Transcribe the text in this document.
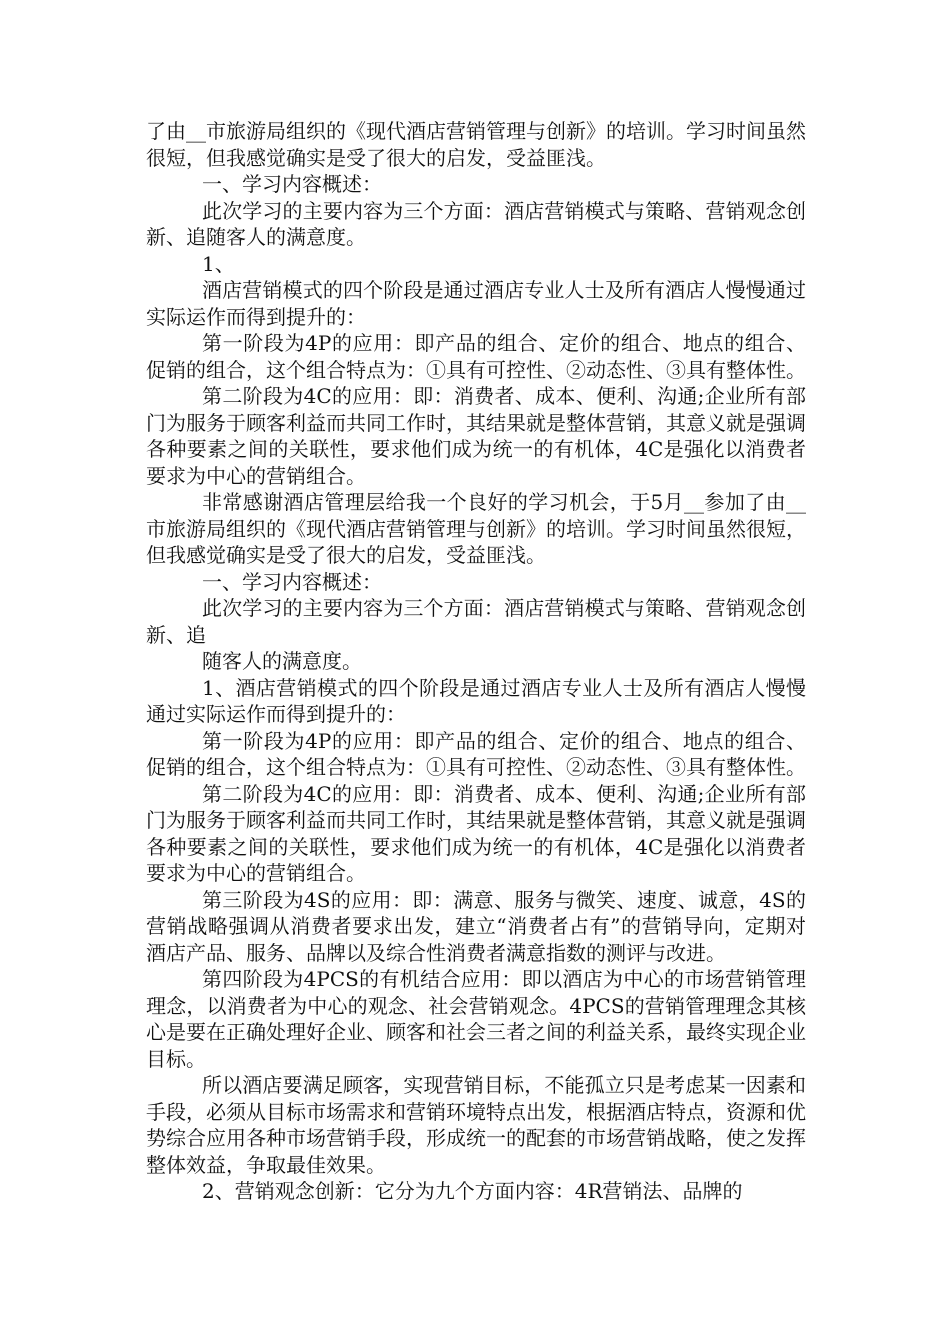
了由__市旅游局组织的《现代酒店营销管理与创新》的培训。学习时间虽然很短，但我感觉确实是受了很大的启发，受益匪浅。

一、学习内容概述：

此次学习的主要内容为三个方面：酒店营销模式与策略、营销观念创新、追随客人的满意度。

1、

酒店营销模式的四个阶段是通过酒店专业人士及所有酒店人慢慢通过实际运作而得到提升的：

第一阶段为4P的应用：即产品的组合、定价的组合、地点的组合、促销的组合，这个组合特点为：①具有可控性、②动态性、③具有整体性。

第二阶段为4C的应用：即：消费者、成本、便利、沟通;企业所有部门为服务于顾客利益而共同工作时，其结果就是整体营销，其意义就是强调各种要素之间的关联性，要求他们成为统一的有机体，4C是强化以消费者要求为中心的营销组合。

非常感谢酒店管理层给我一个良好的学习机会，于5月__参加了由__市旅游局组织的《现代酒店营销管理与创新》的培训。学习时间虽然很短，但我感觉确实是受了很大的启发，受益匪浅。

一、学习内容概述：

此次学习的主要内容为三个方面：酒店营销模式与策略、营销观念创新、追

随客人的满意度。

1、酒店营销模式的四个阶段是通过酒店专业人士及所有酒店人慢慢通过实际运作而得到提升的：

第一阶段为4P的应用：即产品的组合、定价的组合、地点的组合、促销的组合，这个组合特点为：①具有可控性、②动态性、③具有整体性。

第二阶段为4C的应用：即：消费者、成本、便利、沟通;企业所有部门为服务于顾客利益而共同工作时，其结果就是整体营销，其意义就是强调各种要素之间的关联性，要求他们成为统一的有机体，4C是强化以消费者要求为中心的营销组合。

第三阶段为4S的应用：即：满意、服务与微笑、速度、诚意，4S的营销战略强调从消费者要求出发，建立“消费者占有”的营销导向，定期对酒店产品、服务、品牌以及综合性消费者满意指数的测评与改进。

第四阶段为4PCS的有机结合应用：即以酒店为中心的市场营销管理理念，以消费者为中心的观念、社会营销观念。4PCS的营销管理理念其核心是要在正确处理好企业、顾客和社会三者之间的利益关系，最终实现企业目标。

所以酒店要满足顾客，实现营销目标，不能孤立只是考虑某一因素和手段，必须从目标市场需求和营销环境特点出发，根据酒店特点，资源和优势综合应用各种市场营销手段，形成统一的配套的市场营销战略，使之发挥整体效益，争取最佳效果。

2、营销观念创新：它分为九个方面内容：4R营销法、品牌的
